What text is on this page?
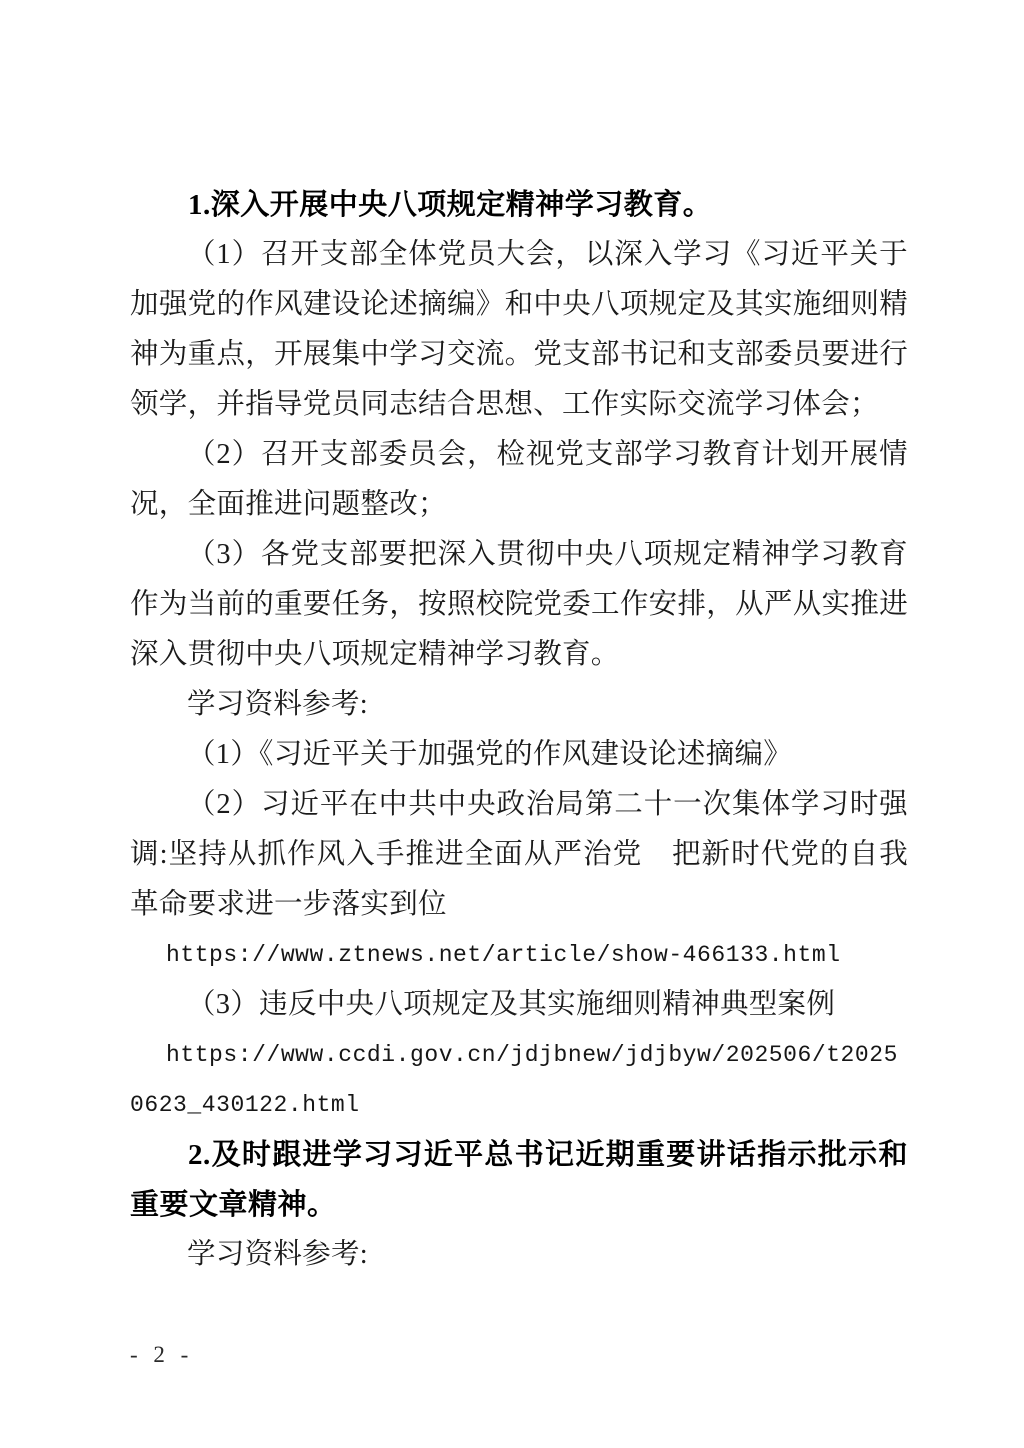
1.深入开展中央八项规定精神学习教育。

（1）召开支部全体党员大会，以深入学习《习近平关于加强党的作风建设论述摘编》和中央八项规定及其实施细则精神为重点，开展集中学习交流。党支部书记和支部委员要进行领学，并指导党员同志结合思想、工作实际交流学习体会；

（2）召开支部委员会，检视党支部学习教育计划开展情况，全面推进问题整改；

（3）各党支部要把深入贯彻中央八项规定精神学习教育作为当前的重要任务，按照校院党委工作安排，从严从实推进深入贯彻中央八项规定精神学习教育。

学习资料参考:

（1）《习近平关于加强党的作风建设论述摘编》

（2）习近平在中共中央政治局第二十一次集体学习时强调:坚持从抓作风入手推进全面从严治党　把新时代党的自我革命要求进一步落实到位

https://www.ztnews.net/article/show-466133.html

（3）违反中央八项规定及其实施细则精神典型案例

https://www.ccdi.gov.cn/jdjbnew/jdjbyw/202506/t20250623_430122.html

2.及时跟进学习习近平总书记近期重要讲话指示批示和重要文章精神。

学习资料参考:

- 2 -
